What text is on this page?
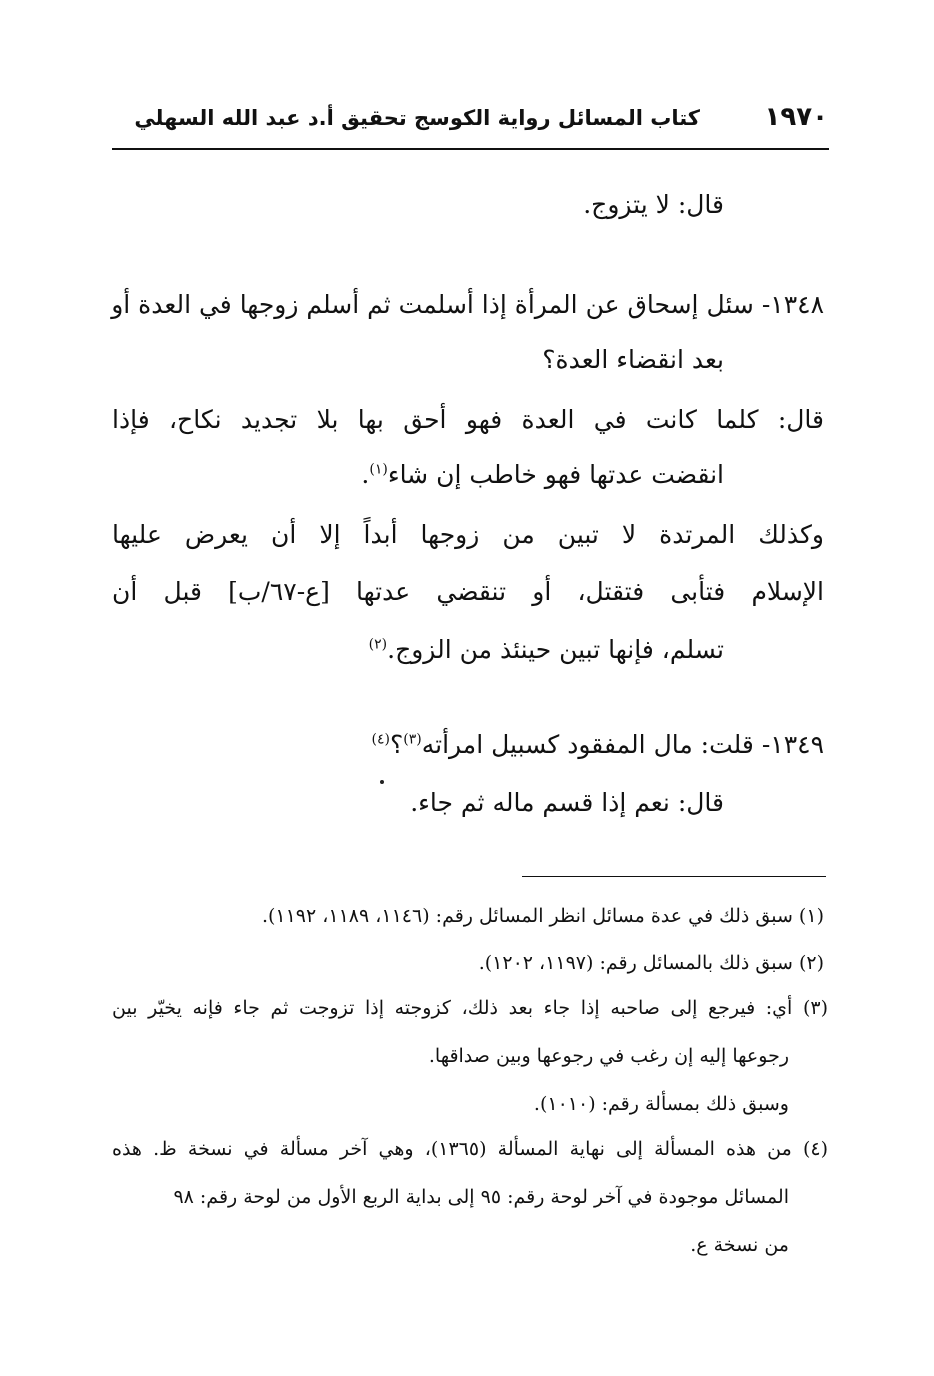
١٩٧٠
كتاب المسائل رواية الكوسج تحقيق أ.د عبد الله السهلي
قال: لا يتزوج.
١٣٤٨- سئل إسحاق عن المرأة إذا أسلمت ثم أسلم زوجها في العدة أو
بعد انقضاء العدة؟
قال: كلما كانت في العدة فهو أحق بها بلا تجديد نكاح، فإذا
انقضت عدتها فهو خاطب إن شاء$^{(١)}$.
وكذلك المرتدة لا تبين من زوجها أبداً إلا أن يعرض عليها
الإسلام فتأبى فتقتل، أو تنقضي عدتها [ع-٦٧/ب] قبل أن
تسلم، فإنها تبين حينئذ من الزوج.$^{(٢)}$
١٣٤٩- قلت: مال المفقود كسبيل امرأته$^{(٣)}$؟$^{(٤)}$
قال: نعم إذا قسم ماله ثم جاء.
(١) سبق ذلك في عدة مسائل انظر المسائل رقم: (١١٤٦، ١١٨٩، ١١٩٢).
(٢) سبق ذلك بالمسائل رقم: (١١٩٧، ١٢٠٢).
(٣) أي: فيرجع إلى صاحبه إذا جاء بعد ذلك، كزوجته إذا تزوجت ثم جاء فإنه يخيّر بين
رجوعها إليه إن رغب في رجوعها وبين صداقها.
وسبق ذلك بمسألة رقم: (١٠١٠).
(٤) من هذه المسألة إلى نهاية المسألة (١٣٦٥)، وهي آخر مسألة في نسخة ظ. هذه
المسائل موجودة في آخر لوحة رقم: ٩٥ إلى بداية الربع الأول من لوحة رقم: ٩٨
من نسخة ع.
